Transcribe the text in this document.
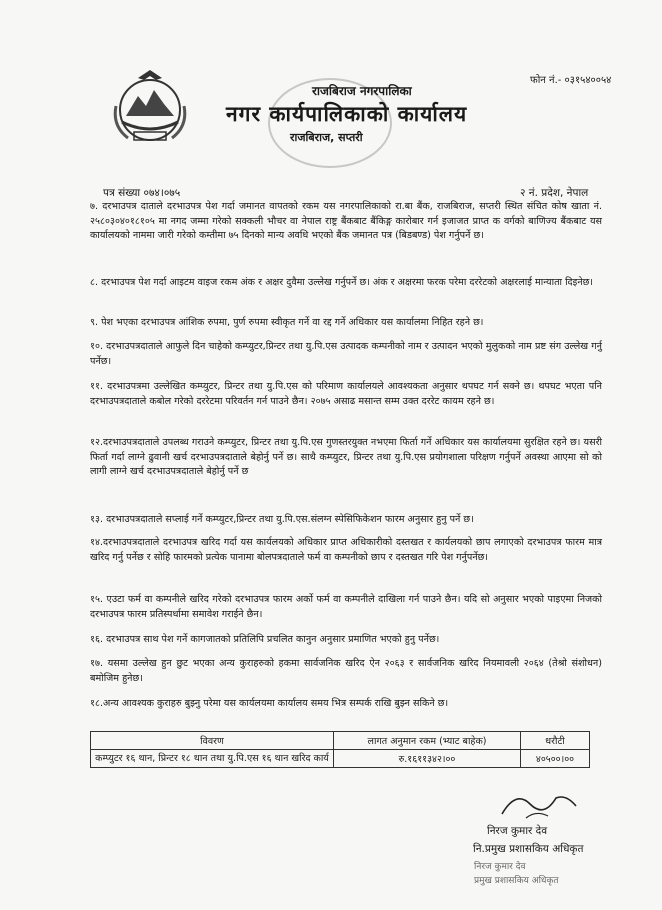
फोन नं.- ०३१५४००५४
राजबिराज नगरपालिका
नगर कार्यपालिकाको कार्यालय
राजबिराज, सप्तरी
पत्र संख्या ०७४।०७५	२ नं. प्रदेश, नेपाल
७. दरभाउपत्र दाताले दरभाउपत्र पेश गर्दा जमानत वापतको रकम यस नगरपालिकाको रा.बा बैंक, राजबिराज, सप्तरी स्थित संचित कोष खाता नं. २५८०३०४०१८१०५ मा नगद जम्मा गरेको सक्कली भौचर वा नेपाल राष्ट्र बैंकबाट बैंकिङ्ग कारोबार गर्न इजाजत प्राप्त क वर्गको बाणिज्य बैंकबाट यस कार्यालयको नाममा जारी गरेको कम्तीमा ७५ दिनको मान्य अवधि भएको बैंक जमानत पत्र (बिडबण्ड) पेश गर्नुपर्ने छ।
८. दरभाउपत्र पेश गर्दा आइटम वाइज रकम अंक र अक्षर दुवैमा उल्लेख गर्नुपर्ने छ। अंक र अक्षरमा फरक परेमा दररेटको अक्षरलाई मान्याता दिइनेछ।
९. पेश भएका दरभाउपत्र आंशिक रुपमा, पुर्ण रुपमा स्वीकृत गर्ने वा रद्द गर्ने अधिकार यस कार्यालमा निहित रहने छ।
१०. दरभाउपत्रदाताले आफुले दिन चाहेको कम्प्युटर,प्रिन्टर तथा यु.पि.एस उत्पादक कम्पनीको नाम र उत्पादन भएको मुलुकको नाम प्रष्ट संग उल्लेख गर्नु पर्नेछ।
११. दरभाउपत्रमा उल्लेखित कम्प्युटर, प्रिन्टर तथा यु.पि.एस को परिमाण कार्यालयले आवश्यकता अनुसार थपघट गर्न सक्ने छ। थपघट भएता पनि दरभाउपत्रदाताले कबोल गरेको दररेटमा परिवर्तन गर्न पाउने छैन। २०७५ असाढ मसान्त सम्म उक्त दररेट कायम रहने छ।
१२.दरभाउपत्रदाताले उपलब्ध गराउने कम्प्युटर, प्रिन्टर तथा यु.पि.एस गुणस्तरयुक्त नभएमा फिर्ता गर्ने अधिकार यस कार्यालयमा सुरक्षित रहने छ। यसरी फिर्ता गर्दा लाग्ने ढुवानी खर्च दरभाउपत्रदाताले बेहोर्नु पर्ने छ। साथै कम्प्युटर, प्रिन्टर तथा यु.पि.एस प्रयोगशाला परिक्षण गर्नुपर्ने अवस्था आएमा सो को लागी लाग्ने खर्च दरभाउपत्रदाताले बेहोर्नु पर्ने छ
१३. दरभाउपत्रदाताले सप्लाई गर्ने कम्प्युटर,प्रिन्टर तथा यु.पि.एस.संलग्न स्पेसिफिकेशन फारम अनुसार हुनु पर्ने छ।
१४.दरभाउपत्रदाताले दरभाउपत्र खरिद गर्दा यस कार्यलयको अधिकार प्राप्त अधिकारीको दस्तखत र कार्यलयको छाप लगाएको दरभाउपत्र फारम मात्र खरिद गर्नु पर्नेछ र सोहि फारमको प्रत्येक पानामा बोलपत्रदाताले फर्म वा कम्पनीको छाप र दस्तखत गरि पेश गर्नुपर्नेछ।
१५. एउटा फर्म वा कम्पनीले खरिद गरेको दरभाउपत्र फारम अर्को फर्म वा कम्पनीले दाखिला गर्न पाउने छैन। यदि सो अनुसार भएको पाइएमा निजको दरभाउपत्र फारम प्रतिस्पर्धामा समावेश गराईने छैन।
१६. दरभाउपत्र साथ पेश गर्ने कागजातको प्रतिलिपि प्रचलित कानुन अनुसार प्रमाणित भएको हुनु पर्नेछ।
१७. यसमा उल्लेख हुन छुट भएका अन्य कुराहरुको हकमा सार्वजनिक खरिद ऐन २०६३ र सार्वजनिक खरिद नियमावली २०६४ (तेश्रो संशोधन) बमोजिम हुनेछ।
१८.अन्य आवश्यक कुराहरु बुझ्नु परेमा यस कार्यलयमा कार्यालय समय भित्र सम्पर्क राखि बुझ्न सकिने छ।
विवरण	लागत अनुमान रकम (भ्याट बाहेक)	धरौटी
कम्प्युटर १६ थान, प्रिन्टर १८ थान तथा यु.पि.एस १६ थान खरिद कार्य	रु.१६११३४२।००	४०५००।००
निरज कुमार देव
नि.प्रमुख प्रशासकिय अधिकृत
निरज कुमार देव
प्रमुख प्रशासकिय अधिकृत
